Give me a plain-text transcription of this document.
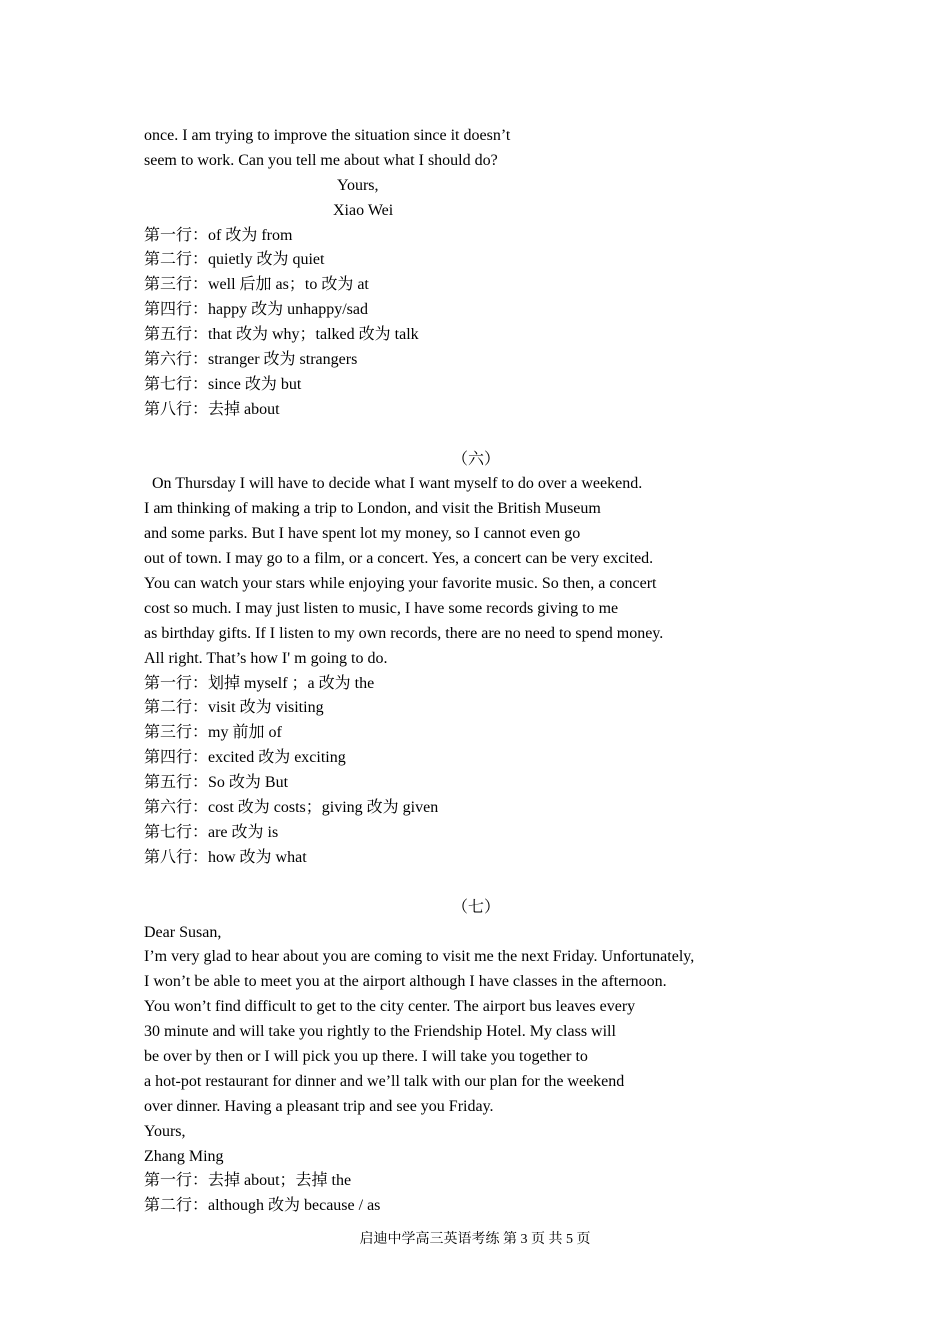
once. I am trying to improve the situation since it doesn’t
seem to work. Can you tell me about what I should do?
Yours,
Xiao Wei
第一行：of 改为 from
第二行：quietly 改为 quiet
第三行：well 后加 as；to 改为 at
第四行：happy 改为 unhappy/sad
第五行：that 改为 why；talked 改为 talk
第六行：stranger 改为 strangers
第七行：since 改为 but
第八行：去掉 about
（六）
On Thursday I will have to decide what I want myself to do over a weekend.
I am thinking of making a trip to London, and visit the British Museum
and some parks. But I have spent lot my money, so I cannot even go
out of town. I may go to a film, or a concert. Yes, a concert can be very excited.
You can watch your stars while enjoying your favorite music. So then, a concert
cost so much. I may just listen to music, I have some records giving to me
as birthday gifts. If I listen to my own records, there are no need to spend money.
All right. That’s how I' m going to do.
第一行：划掉 myself ；a 改为 the
第二行：visit 改为 visiting
第三行：my 前加 of
第四行：excited 改为 exciting
第五行：So 改为 But
第六行：cost 改为 costs；giving 改为 given
第七行：are 改为 is
第八行：how 改为 what
（七）
Dear Susan,
I’m very glad to hear about you are coming to visit me the next Friday. Unfortunately,
I won’t be able to meet you at the airport although I have classes in the afternoon.
You won’t find difficult to get to the city center. The airport bus leaves every
30 minute and will take you rightly to the Friendship Hotel. My class will
be over by then or I will pick you up there. I will take you together to
a hot-pot restaurant for dinner and we’ll talk with our plan for the weekend
over dinner. Having a pleasant trip and see you Friday.
Yours,
Zhang Ming
第一行：去掉 about；去掉 the
第二行：although 改为 because / as
启迪中学高三英语考练 第 3 页 共 5 页
